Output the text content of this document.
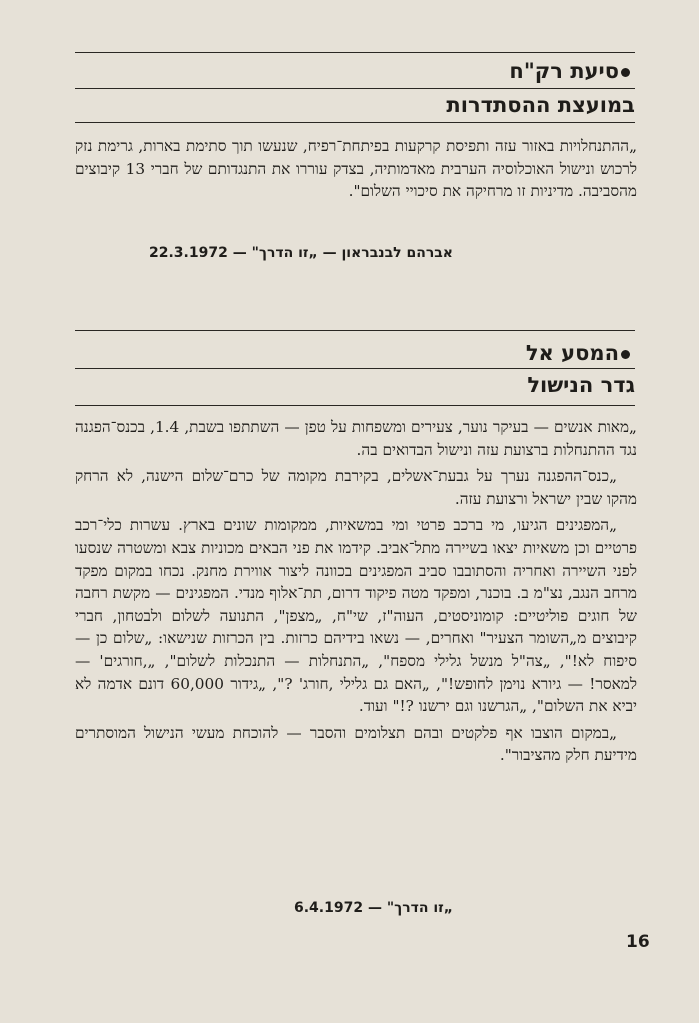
סיעת רק"ח
במועצת ההסתדרות

„ההתנחלויות באזור עזה ותפיסת קרקעות בפיתחת־רפיח, שנעשו תוך סתימת בארות, גרימת נזק לרכוש ונישול האוכלוסיה הערבית מאדמותיה, בצדק עוררו את התנגדותם של חברי 13 קיבוצים מהסביבה. מדיניות זו מרחיקה את סיכויי השלום".

אברהם לבנבראון — „זו הדרך" — 22.3.1972
המסע אל
גדר הנישול

„מאות אנשים — בעיקר נוער, צעירים ומשפחות על טפן — השתתפו בשבת, 1.4, בכנס־הפגנה נגד ההתנחלות ברצועת עזה ונישול הבדואים בה.

„כנס־ההפגנה נערך על גבעת־אשלים, בקירבת מקומה של כרם־שלום הישנה, לא הרחק מהקו שבין ישראל ורצועת עזה.

„המפגינים הגיעו, מי ברכב פרטי ומי במשאיות, ממקומות שונים בארץ. עשרות כלי־רכב פרטיים וכן משאיות יצאו בשיירה מתל־אביב. קידמו את פני הבאים מכוניות צבא ומשטרה שנסעו לפני השיירה ואחריה והסתובבו סביב המפגינים בכוונה ליצור אווירת מחנק. נכחו במקום מפקד מרחב הנגב, נצ"מ ב. בוכנר, ומפקד מטה פיקוד דרום, תת־אלוף מנדי. המפגינים — מקשת רחבה של חוגים פוליטיים: קומוניסטים, העוה"ז, שי"ח, „מצפן", התנועה לשלום ולבטחון, חברי קיבוצים מ„השומר הצעיר" ואחרים, — נשאו בידיהם כרזות. בין הכרזות שנישאו: „שלום כן — סיפוח לא!", „צה"ל מנשל גלילי מספח", „התנחלות — התנכלות לשלום", „,חורגים' — למאסר! — גיורא נוימן לחופש!", „האם גם גלילי ,חורג' ?", „גידור 60,000 דונם אדמה לא יביא את השלום", „הגרשנו וגם ירשנו ?!" ועוד.

„במקום הוצבו אף פלקטים ובהם תצלומים והסבר — להוכחת מעשי הנישול המוסתרים מידיעת חלק מהציבור".

„זו הדרך" — 6.4.1972
16
